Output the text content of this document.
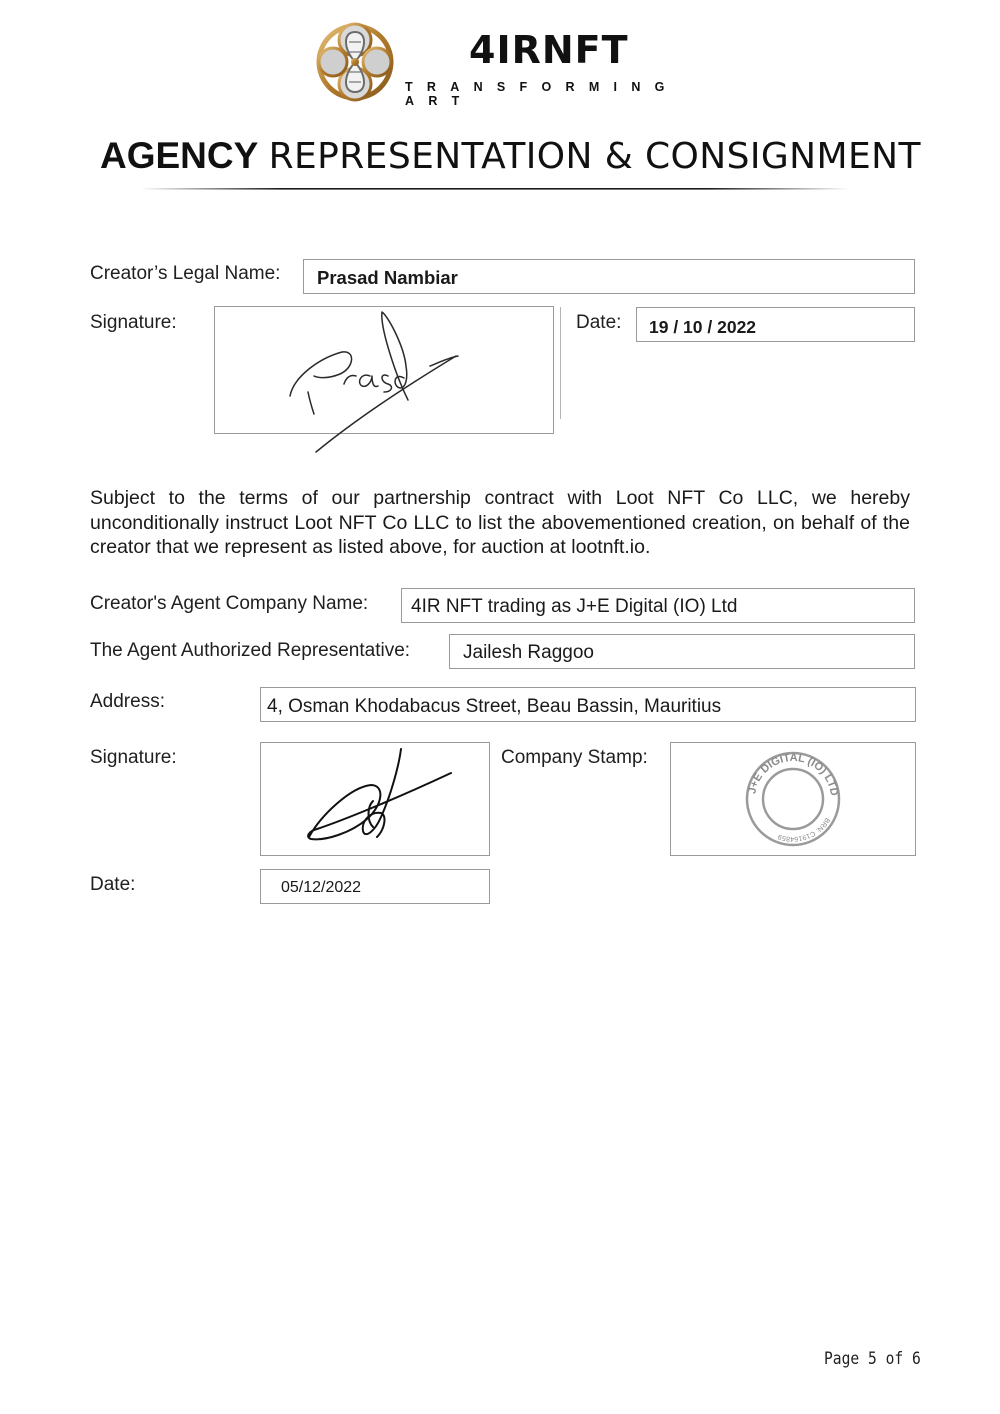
4IRNFT
TRANSFORMING ART
AGENCY REPRESENTATION & CONSIGNMENT
Creator’s Legal Name: Prasad Nambiar
Signature:	Date: 19 / 10 / 2022
Subject to the terms of our partnership contract with Loot NFT Co LLC, we hereby unconditionally instruct Loot NFT Co LLC to list the abovementioned creation, on behalf of the creator that we represent as listed above, for auction at lootnft.io.
Creator's Agent Company Name: 4IR NFT trading as J+E Digital (IO) Ltd
The Agent Authorized Representative:	Jailesh Raggoo
Address:	4, Osman Khodabacus Street, Beau Bassin, Mauritius
Signature:	Company Stamp:
J+E DIGITAL (IO) LTD
BRN: C19164859
Date:	05/12/2022
Page 5 of 6
